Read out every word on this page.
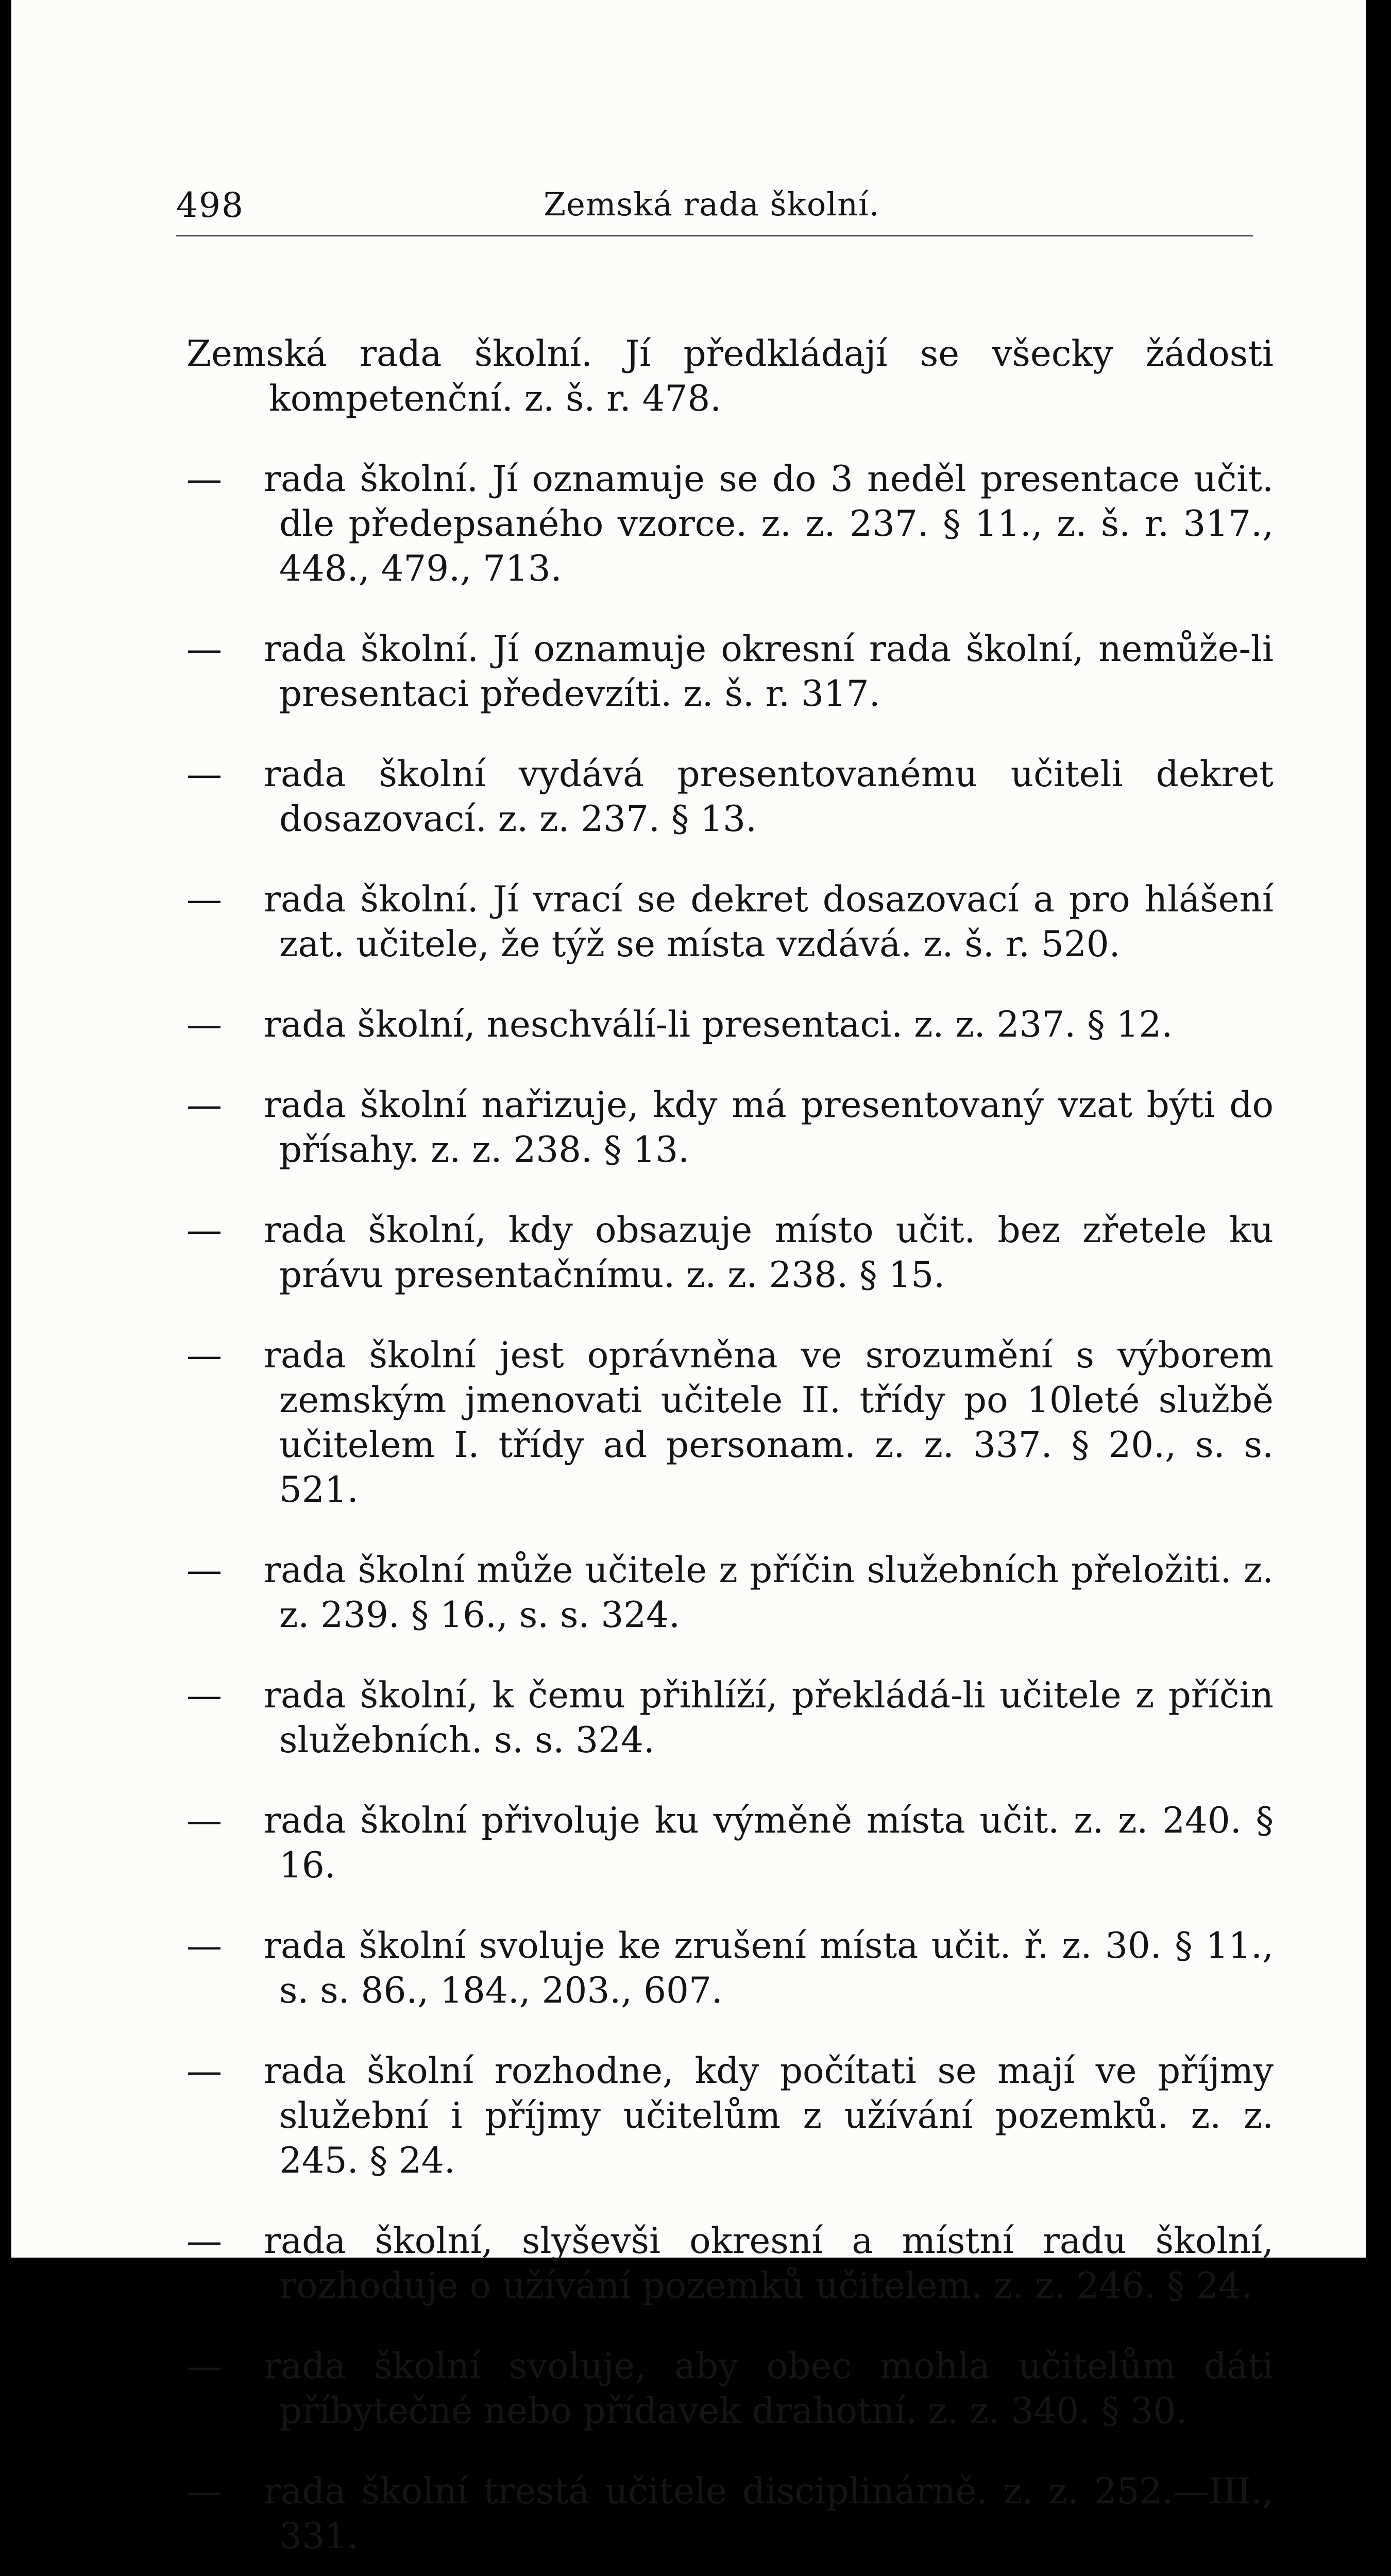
498	Zemská rada školní.

Zemská rada školní. Jí předkládají se všecky žádosti kompetenční. z. š. r. 478.

— rada školní. Jí oznamuje se do 3 neděl presentace učit. dle předepsaného vzorce. z. z. 237. § 11., z. š. r. 317., 448., 479., 713.

— rada školní. Jí oznamuje okresní rada školní, nemůže-li presentaci předevzíti. z. š. r. 317.

— rada školní vydává presentovanému učiteli dekret dosazovací. z. z. 237. § 13.

— rada školní. Jí vrací se dekret dosazovací a pro hlášení zat. učitele, že týž se místa vzdává. z. š. r. 520.

— rada školní, neschválí-li presentaci. z. z. 237. § 12.

— rada školní nařizuje, kdy má presentovaný vzat býti do přísahy. z. z. 238. § 13.

— rada školní, kdy obsazuje místo učit. bez zřetele ku právu presentačnímu. z. z. 238. § 15.

— rada školní jest oprávněna ve srozumění s výborem zemským jmenovati učitele II. třídy po 10leté službě učitelem I. třídy ad personam. z. z. 337. § 20., s. s. 521.

— rada školní může učitele z příčin služebních přeložiti. z. z. 239. § 16., s. s. 324.

— rada školní, k čemu přihlíží, překládá-li učitele z příčin služebních. s. s. 324.

— rada školní přivoluje ku výměně místa učit. z. z. 240. § 16.

— rada školní svoluje ke zrušení místa učit. ř. z. 30. § 11., s. s. 86., 184., 203., 607.

— rada školní rozhodne, kdy počítati se mají ve příjmy služební i příjmy učitelům z užívání pozemků. z. z. 245. § 24.

— rada školní, slyševši okresní a místní radu školní, rozhoduje o užívání pozemků učitelem. z. z. 246. § 24.

— rada školní svoluje, aby obec mohla učitelům dáti příbytečné nebo přídavek drahotní. z. z. 340. § 30.

— rada školní trestá učitele disciplinárně. z. z. 252.—III., 331.
